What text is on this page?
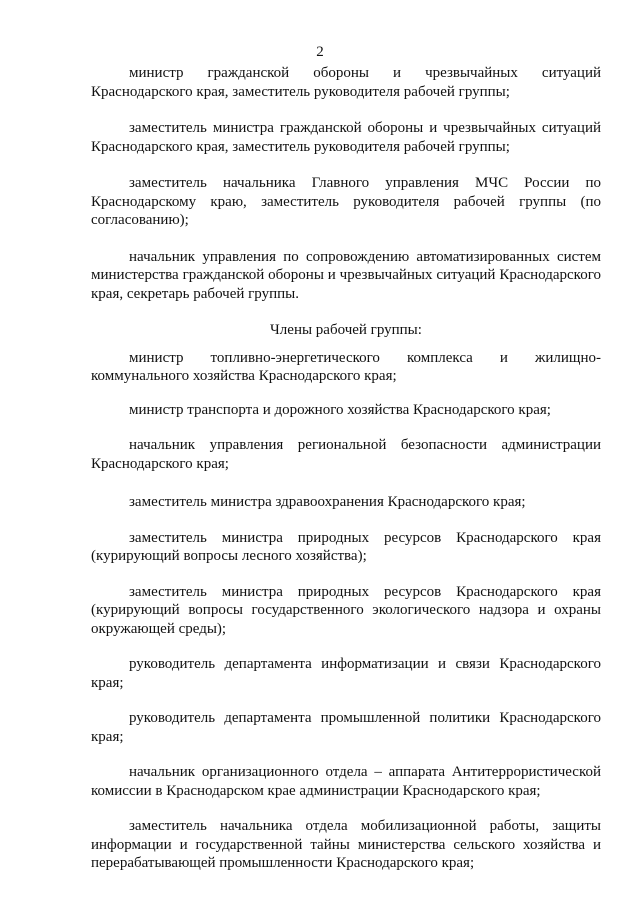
2

министр гражданской обороны и чрезвычайных ситуаций Краснодарского края, заместитель руководителя рабочей группы;

заместитель министра гражданской обороны и чрезвычайных ситуаций Краснодарского края, заместитель руководителя рабочей группы;

заместитель начальника Главного управления МЧС России по Краснодарскому краю, заместитель руководителя рабочей группы (по согласованию);

начальник управления по сопровождению автоматизированных систем министерства гражданской обороны и чрезвычайных ситуаций Краснодарского края, секретарь рабочей группы.

Члены рабочей группы:

министр топливно-энергетического комплекса и жилищно-коммунального хозяйства Краснодарского края;

министр транспорта и дорожного хозяйства Краснодарского края;

начальник управления региональной безопасности администрации Краснодарского края;

заместитель министра здравоохранения Краснодарского края;

заместитель министра природных ресурсов Краснодарского края (курирующий вопросы лесного хозяйства);

заместитель министра природных ресурсов Краснодарского края (курирующий вопросы государственного экологического надзора и охраны окружающей среды);

руководитель департамента информатизации и связи Краснодарского края;

руководитель департамента промышленной политики Краснодарского края;

начальник организационного отдела – аппарата Антитеррористической комиссии в Краснодарском крае администрации Краснодарского края;

заместитель начальника отдела мобилизационной работы, защиты информации и государственной тайны министерства сельского хозяйства и перерабатывающей промышленности Краснодарского края;
